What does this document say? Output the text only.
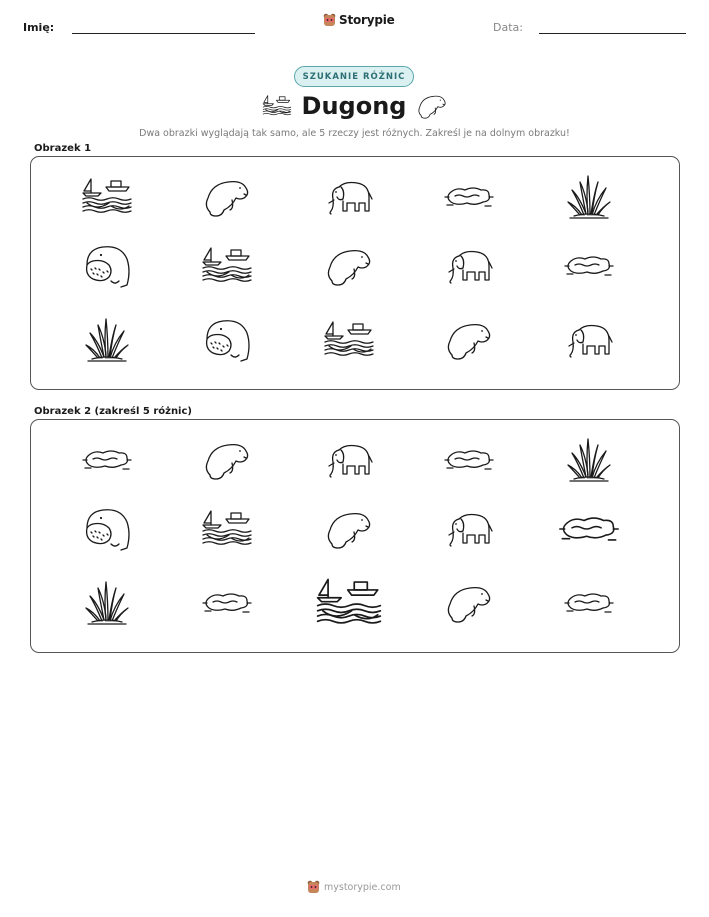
Imię:
Storypie
Data:
SZUKANIE RÓŻNIC
Dugong
Dwa obrazki wyglądają tak samo, ale 5 rzeczy jest różnych. Zakreśl je na dolnym obrazku!
Obrazek 1
Obrazek 2 (zakreśl 5 różnic)
mystorypie.com
